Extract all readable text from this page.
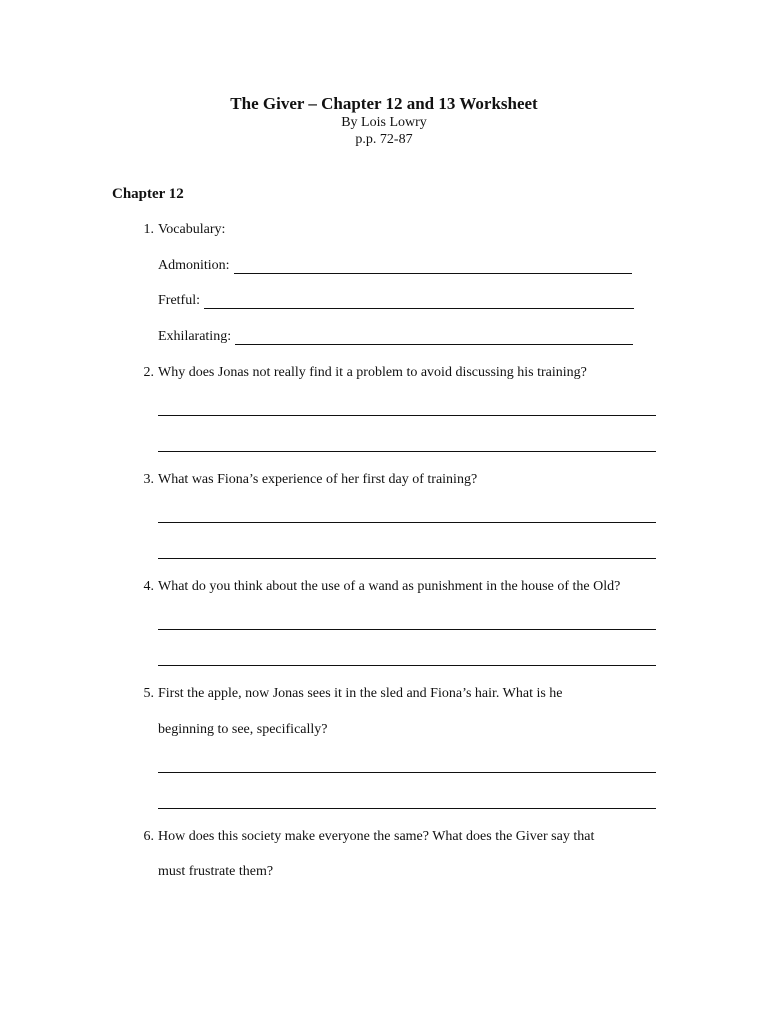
The Giver – Chapter 12 and 13 Worksheet
By Lois Lowry
p.p. 72-87
Chapter 12
1 . Vocabulary:
Admonition:
Fretful:
Exhilarating:
2 . Why does Jonas not really find it a problem to avoid discussing his training?
3 . What was Fiona’s experience of her first day of training?
4 . What do you think about the use of a wand as punishment in the house of the Old?
5 . First the apple, now Jonas sees it in the sled and Fiona’s hair. What is he
beginning to see, specifically?
6 . How does this society make everyone the same? What does the Giver say that
must frustrate them?
